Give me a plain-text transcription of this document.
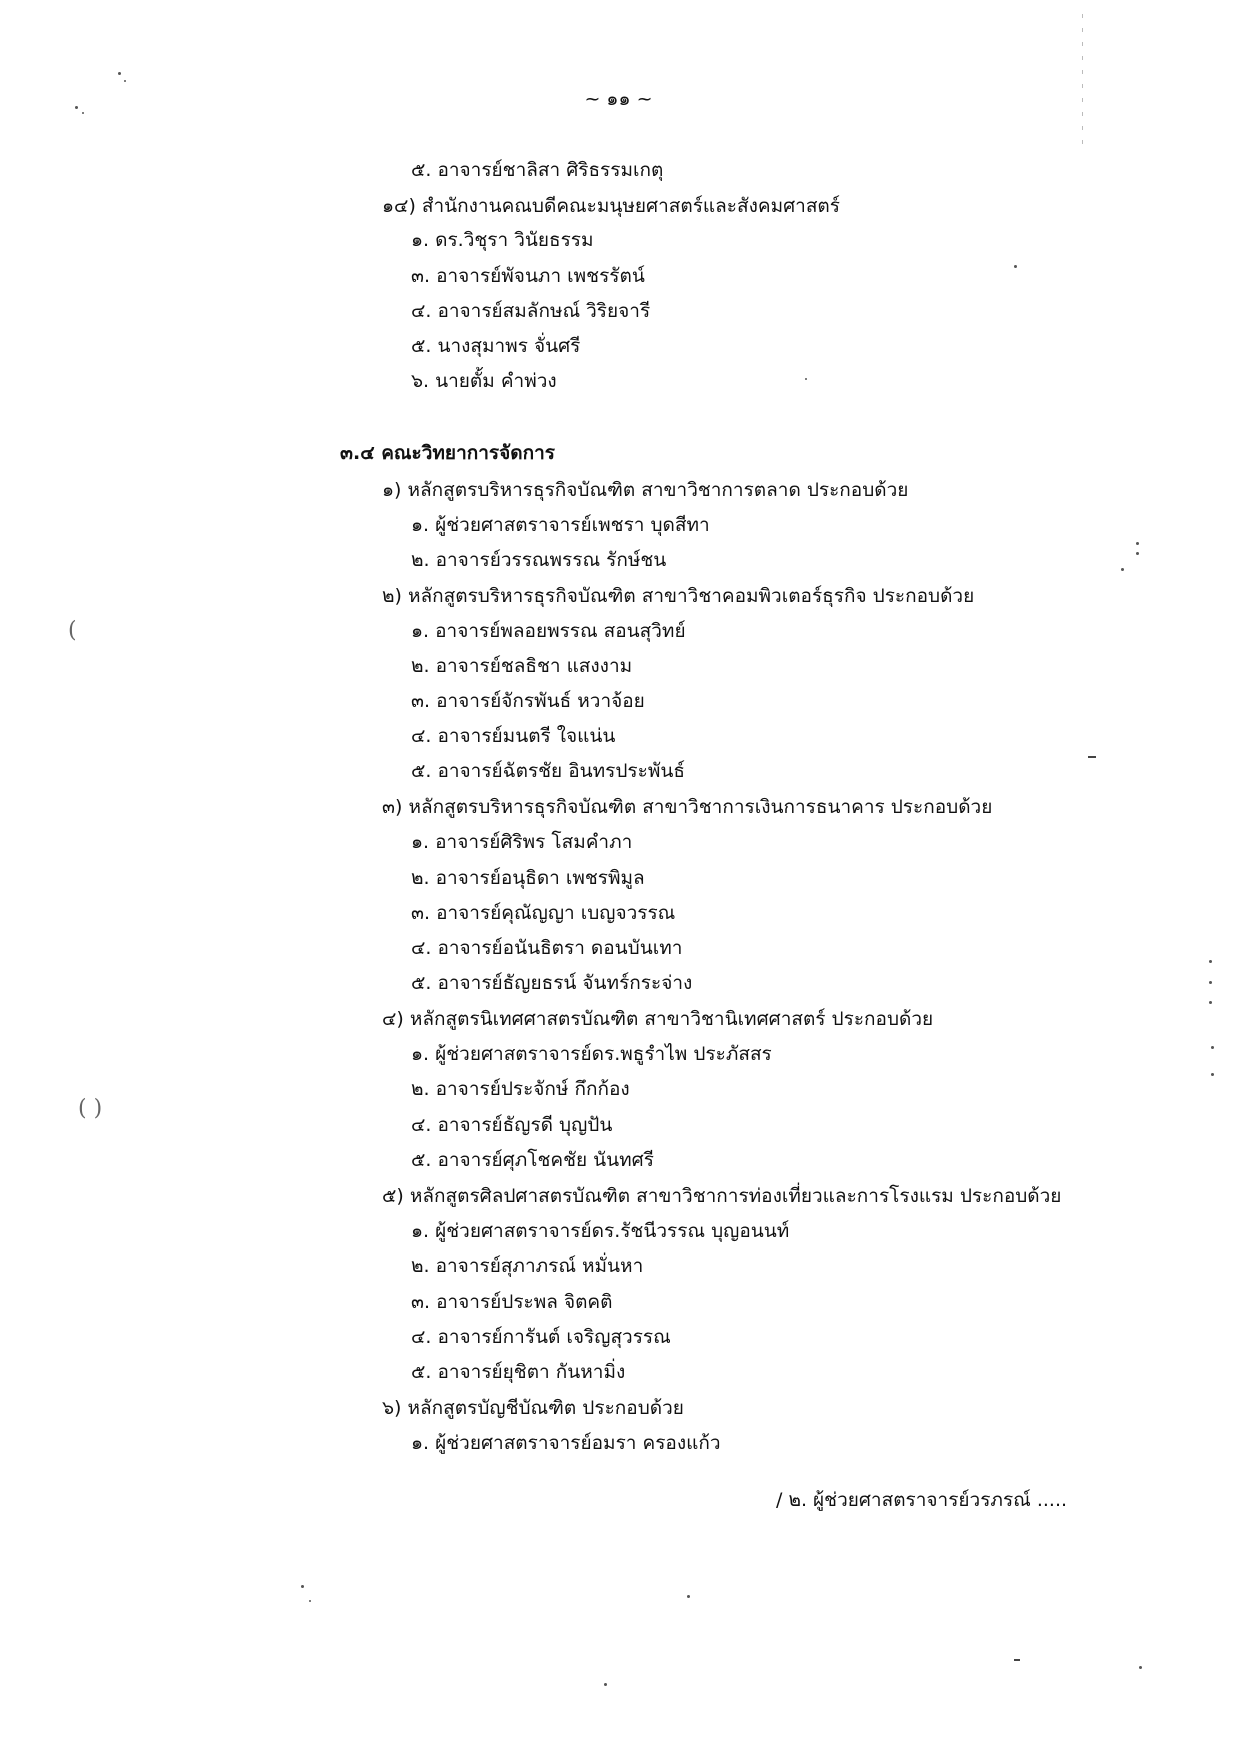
~ ๑๑ ~
๕. อาจารย์ชาลิสา ศิริธรรมเกตุ
๑๔) สำนักงานคณบดีคณะมนุษยศาสตร์และสังคมศาสตร์
๑. ดร.วิชุรา วินัยธรรม
๓. อาจารย์พัจนภา เพชรรัตน์
๔. อาจารย์สมลักษณ์ วิริยจารี
๕. นางสุมาพร จั่นศรี
๖. นายตั้ม คำพ่วง
๓.๔ คณะวิทยาการจัดการ
๑) หลักสูตรบริหารธุรกิจบัณฑิต สาขาวิชาการตลาด ประกอบด้วย
๑. ผู้ช่วยศาสตราจารย์เพชรา บุดสีทา
๒. อาจารย์วรรณพรรณ รักษ์ชน
๒) หลักสูตรบริหารธุรกิจบัณฑิต สาขาวิชาคอมพิวเตอร์ธุรกิจ ประกอบด้วย
๑. อาจารย์พลอยพรรณ สอนสุวิทย์
๒. อาจารย์ชลธิชา แสงงาม
๓. อาจารย์จักรพันธ์ หวาจ้อย
๔. อาจารย์มนตรี ใจแน่น
๕. อาจารย์ฉัตรชัย อินทรประพันธ์
๓) หลักสูตรบริหารธุรกิจบัณฑิต สาขาวิชาการเงินการธนาคาร ประกอบด้วย
๑. อาจารย์ศิริพร โสมคำภา
๒. อาจารย์อนุธิดา เพชรพิมูล
๓. อาจารย์คุณัญญา เบญจวรรณ
๔. อาจารย์อนันธิตรา ดอนบันเทา
๕. อาจารย์ธัญยธรน์ จันทร์กระจ่าง
๔) หลักสูตรนิเทศศาสตรบัณฑิต สาขาวิชานิเทศศาสตร์ ประกอบด้วย
๑. ผู้ช่วยศาสตราจารย์ดร.พธูรำไพ ประภัสสร
๒. อาจารย์ประจักษ์ กึกก้อง
๔. อาจารย์ธัญรดี บุญปัน
๕. อาจารย์ศุภโชคชัย นันทศรี
๕) หลักสูตรศิลปศาสตรบัณฑิต สาขาวิชาการท่องเที่ยวและการโรงแรม ประกอบด้วย
๑. ผู้ช่วยศาสตราจารย์ดร.รัชนีวรรณ บุญอนนท์
๒. อาจารย์สุภาภรณ์ หมั่นหา
๓. อาจารย์ประพล จิตคติ
๔. อาจารย์การันต์ เจริญสุวรรณ
๕. อาจารย์ยุชิตา กันหามิ่ง
๖) หลักสูตรบัญชีบัณฑิต ประกอบด้วย
๑. ผู้ช่วยศาสตราจารย์อมรา ครองแก้ว
/ ๒. ผู้ช่วยศาสตราจารย์วรภรณ์ .....
(
( )
